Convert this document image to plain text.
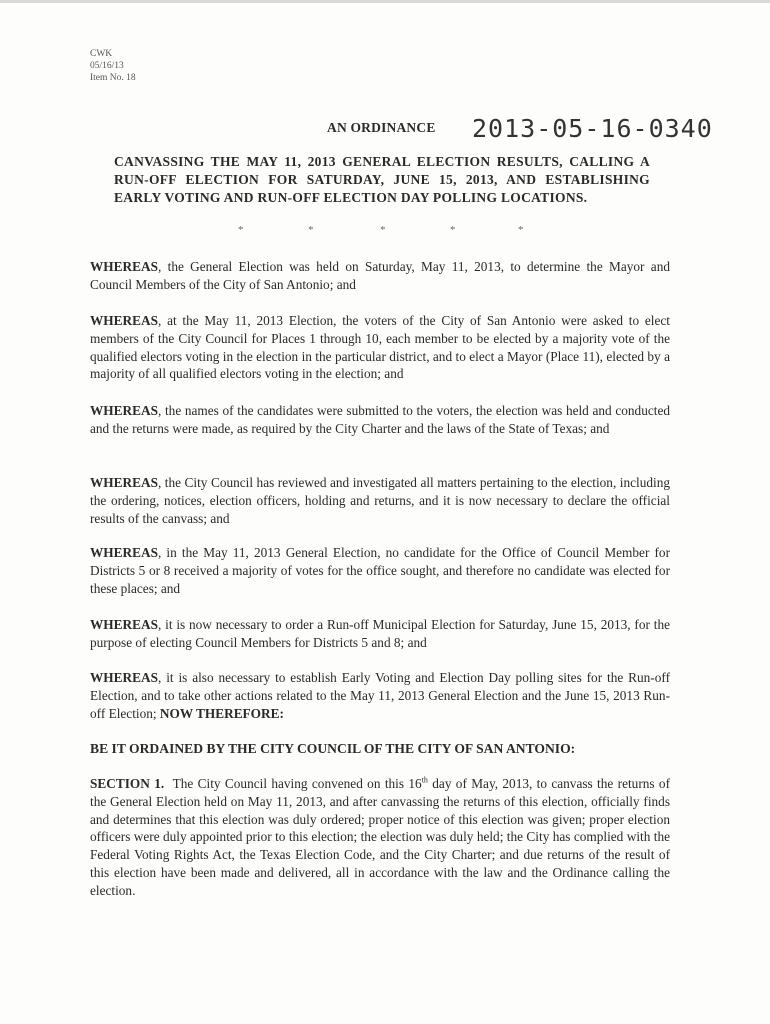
CWK
05/16/13
Item No. 18
AN ORDINANCE 2013-05-16-0340
CANVASSING THE MAY 11, 2013 GENERAL ELECTION RESULTS, CALLING A RUN-OFF ELECTION FOR SATURDAY, JUNE 15, 2013, AND ESTABLISHING EARLY VOTING AND RUN-OFF ELECTION DAY POLLING LOCATIONS.
*	*	*	*	*
WHEREAS, the General Election was held on Saturday, May 11, 2013, to determine the Mayor and Council Members of the City of San Antonio; and
WHEREAS, at the May 11, 2013 Election, the voters of the City of San Antonio were asked to elect members of the City Council for Places 1 through 10, each member to be elected by a majority vote of the qualified electors voting in the election in the particular district, and to elect a Mayor (Place 11), elected by a majority of all qualified electors voting in the election; and
WHEREAS, the names of the candidates were submitted to the voters, the election was held and conducted and the returns were made, as required by the City Charter and the laws of the State of Texas; and
WHEREAS, the City Council has reviewed and investigated all matters pertaining to the election, including the ordering, notices, election officers, holding and returns, and it is now necessary to declare the official results of the canvass; and
WHEREAS, in the May 11, 2013 General Election, no candidate for the Office of Council Member for Districts 5 or 8 received a majority of votes for the office sought, and therefore no candidate was elected for these places; and
WHEREAS, it is now necessary to order a Run-off Municipal Election for Saturday, June 15, 2013, for the purpose of electing Council Members for Districts 5 and 8; and
WHEREAS, it is also necessary to establish Early Voting and Election Day polling sites for the Run-off Election, and to take other actions related to the May 11, 2013 General Election and the June 15, 2013 Run-off Election; NOW THEREFORE:
BE IT ORDAINED BY THE CITY COUNCIL OF THE CITY OF SAN ANTONIO:
SECTION 1. The City Council having convened on this 16th day of May, 2013, to canvass the returns of the General Election held on May 11, 2013, and after canvassing the returns of this election, officially finds and determines that this election was duly ordered; proper notice of this election was given; proper election officers were duly appointed prior to this election; the election was duly held; the City has complied with the Federal Voting Rights Act, the Texas Election Code, and the City Charter; and due returns of the result of this election have been made and delivered, all in accordance with the law and the Ordinance calling the election.
